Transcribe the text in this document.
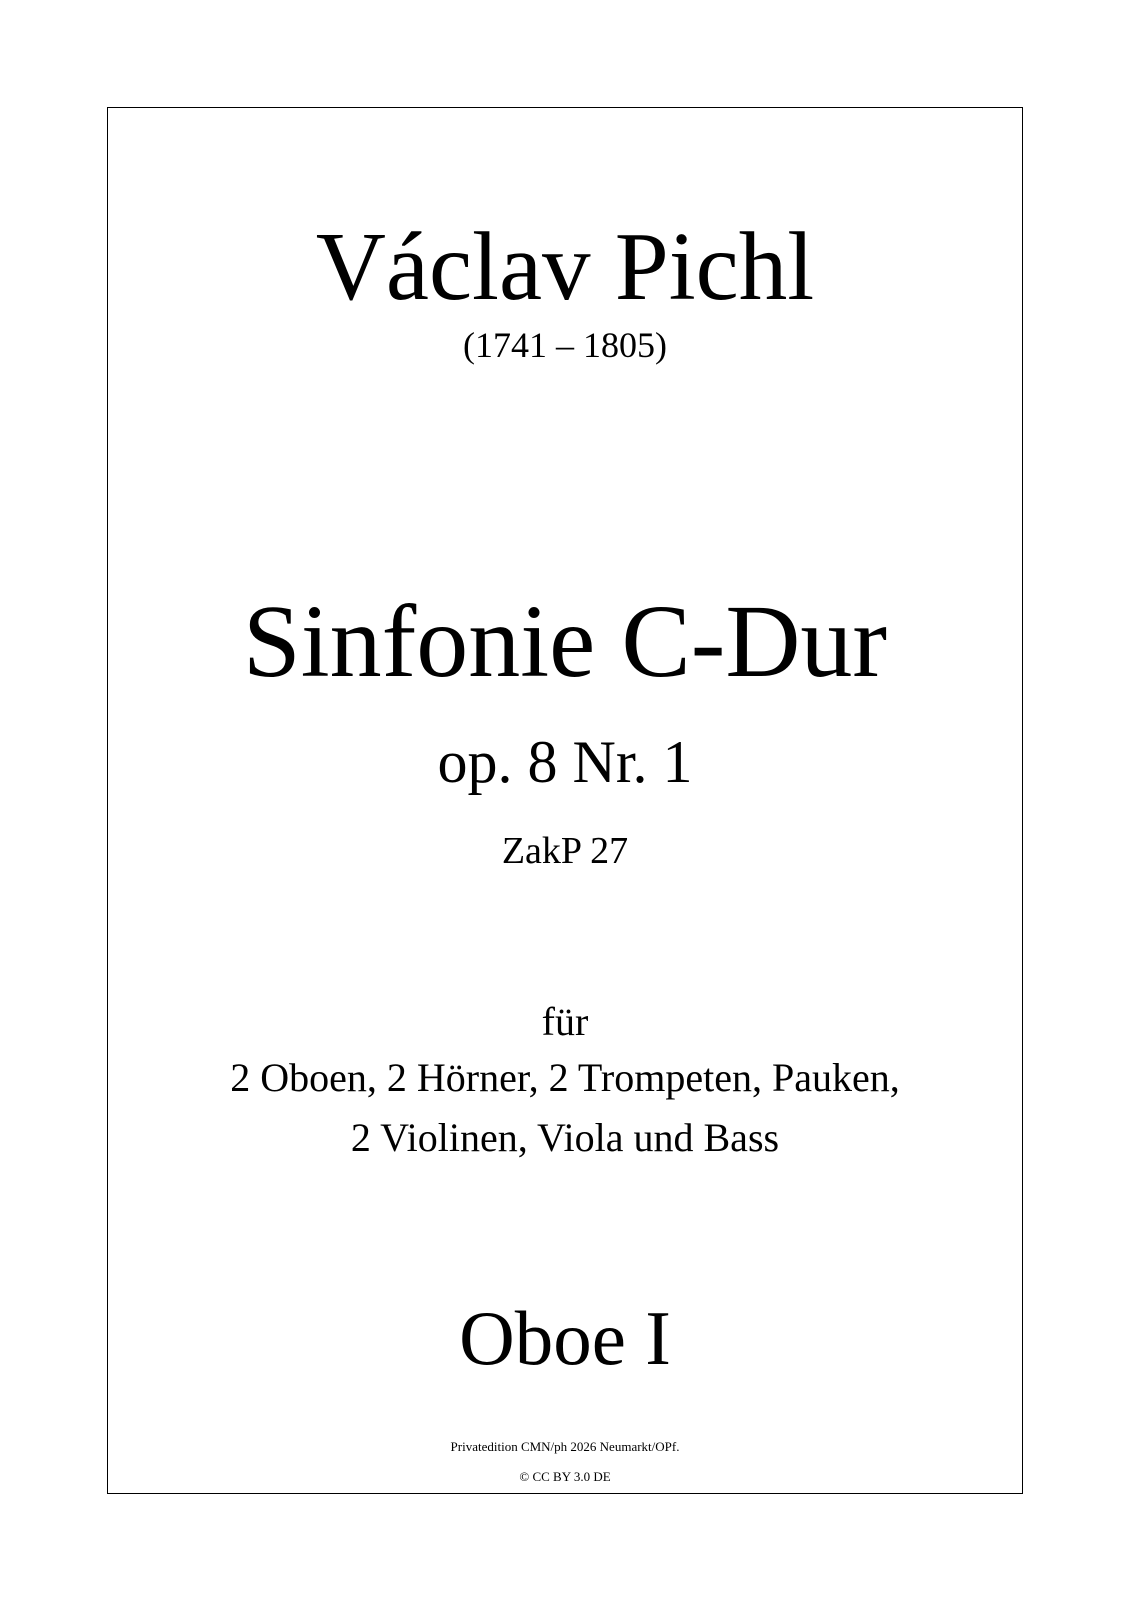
Václav Pichl
(1741 – 1805)
Sinfonie C-Dur
op. 8 Nr. 1
ZakP 27
für
2 Oboen, 2 Hörner, 2 Trompeten, Pauken,
2 Violinen, Viola und Bass
Oboe I
Privatedition CMN/ph 2026 Neumarkt/OPf.
© CC BY 3.0 DE
